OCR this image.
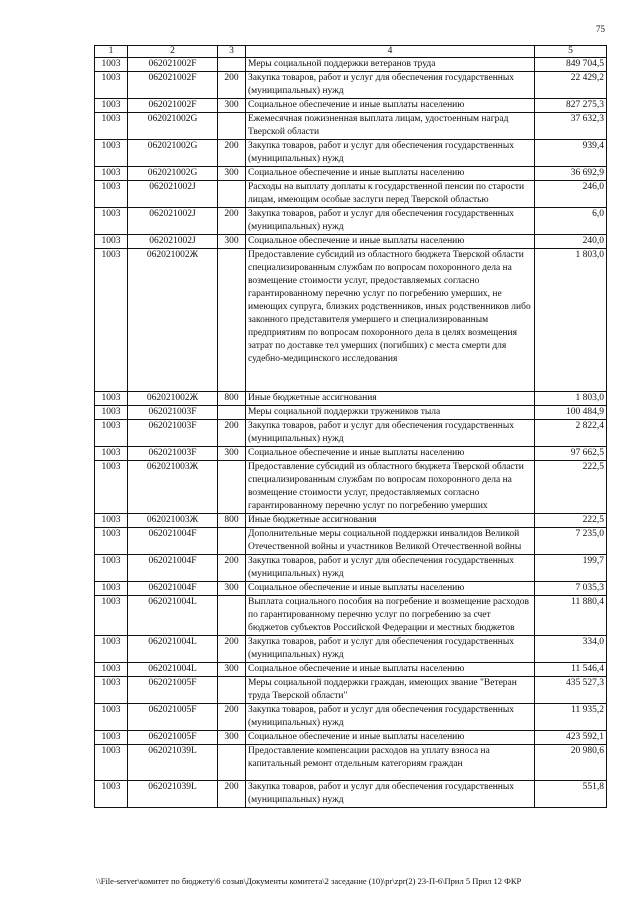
75
1	2	3	4	5
1003	062021002F		Меры социальной поддержки ветеранов труда	849 704,5
1003	062021002F	200	Закупка товаров, работ и услуг для обеспечения государственных (муниципальных) нужд	22 429,2
1003	062021002F	300	Социальное обеспечение и иные выплаты населению	827 275,3
1003	062021002G		Ежемесячная пожизненная выплата лицам, удостоенным наград Тверской области	37 632,3
1003	062021002G	200	Закупка товаров, работ и услуг для обеспечения государственных (муниципальных) нужд	939,4
1003	062021002G	300	Социальное обеспечение и иные выплаты населению	36 692,9
1003	062021002J		Расходы на выплату доплаты к государственной пенсии по старости лицам, имеющим особые заслуги перед Тверской областью	246,0
1003	062021002J	200	Закупка товаров, работ и услуг для обеспечения государственных (муниципальных) нужд	6,0
1003	062021002J	300	Социальное обеспечение и иные выплаты населению	240,0
1003	062021002Ж		Предоставление субсидий из областного бюджета Тверской области специализированным службам по вопросам похоронного дела на возмещение стоимости услуг, предоставляемых согласно гарантированному перечню услуг по погребению умерших, не имеющих супруга, близких родственников, иных родственников либо законного представителя умершего и специализированным предприятиям по вопросам похоронного дела в целях возмещения затрат по доставке тел умерших (погибших) с места смерти для судебно-медицинского исследования	1 803,0
1003	062021002Ж	800	Иные бюджетные ассигнования	1 803,0
1003	062021003F		Меры социальной поддержки тружеников тыла	100 484,9
1003	062021003F	200	Закупка товаров, работ и услуг для обеспечения государственных (муниципальных) нужд	2 822,4
1003	062021003F	300	Социальное обеспечение и иные выплаты населению	97 662,5
1003	062021003Ж		Предоставление субсидий из областного бюджета Тверской области специализированным службам по вопросам похоронного дела на возмещение стоимости услуг, предоставляемых согласно гарантированному перечню услуг по погребению умерших	222,5
1003	062021003Ж	800	Иные бюджетные ассигнования	222,5
1003	062021004F		Дополнительные меры социальной поддержки инвалидов Великой Отечественной войны и участников Великой Отечественной войны	7 235,0
1003	062021004F	200	Закупка товаров, работ и услуг для обеспечения государственных (муниципальных) нужд	199,7
1003	062021004F	300	Социальное обеспечение и иные выплаты населению	7 035,3
1003	062021004L		Выплата социального пособия на погребение и возмещение расходов по гарантированному перечню услуг по погребению за счет бюджетов субъектов Российской Федерации и местных бюджетов	11 880,4
1003	062021004L	200	Закупка товаров, работ и услуг для обеспечения государственных (муниципальных) нужд	334,0
1003	062021004L	300	Социальное обеспечение и иные выплаты населению	11 546,4
1003	062021005F		Меры социальной поддержки граждан, имеющих звание "Ветеран труда Тверской области"	435 527,3
1003	062021005F	200	Закупка товаров, работ и услуг для обеспечения государственных (муниципальных) нужд	11 935,2
1003	062021005F	300	Социальное обеспечение и иные выплаты населению	423 592,1
1003	062021039L		Предоставление компенсации расходов на уплату взноса на капитальный ремонт отдельным категориям граждан	20 980,6
1003	062021039L	200	Закупка товаров, работ и услуг для обеспечения государственных (муниципальных) нужд	551,8
\\File-server\комитет по бюджету\6 созыв\Документы комитета\2 заседание (10)\pr\zpr(2) 23-П-6\Прил 5 Прил 12 ФКР
